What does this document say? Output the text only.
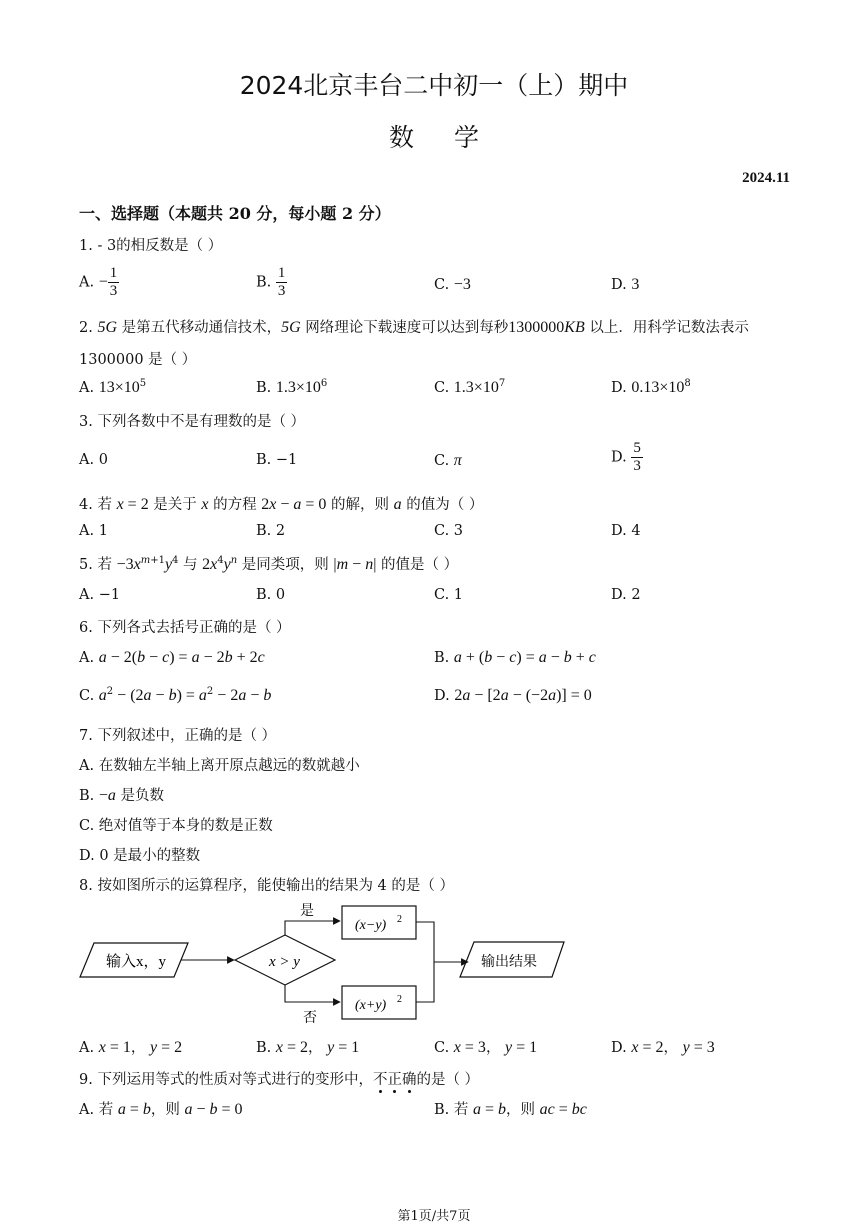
2024北京丰台二中初一（上）期中
数学
2024.11
一、选择题（本题共 20 分，每小题 2 分）
1. - 3的相反数是（ ）
A. − $\frac{1}{3}$	B. $\frac{1}{3}$	C. −3	D. 3
2. 5G 是第五代移动通信技术，5G 网络理论下载速度可以达到每秒1300000KB 以上．用科学记数法表示
1300000 是（ ）
A. $13\times 10^5$	B. $1.3\times 10^6$	C. $1.3\times 10^7$	D. $0.13\times 10^8$
3. 下列各数中不是有理数的是（ ）
A. 0	B. −1	C. π	D. $\frac{5}{3}$
4. 若 x = 2 是关于 x 的方程 2x − a = 0 的解，则 a 的值为（ ）
A. 1	B. 2	C. 3	D. 4
5. 若 $-3x^{m+1}y^4$ 与 $2x^4y^n$ 是同类项，则 |m − n| 的值是（ ）
A. −1	B. 0	C. 1	D. 2
6. 下列各式去括号正确的是（ ）
A. a − 2(b − c) = a − 2b + 2c	B. a + (b − c) = a − b + c
C. $a^2 - (2a - b) = a^2 - 2a - b$	D. 2a − [2a − (−2a)] = 0
7. 下列叙述中，正确的是（ ）
A. 在数轴左半轴上离开原点越远的数就越小
B. −a 是负数
C. 绝对值等于本身的数是正数
D. 0 是最小的整数
8. 按如图所示的运算程序，能使输出的结果为 4 的是（ ）
输入x，y	x > y
是
(x−y) 2
否
(x+y) 2
输出结果
A. x = 1， y = 2	B. x = 2， y = 1	C. x = 3， y = 1	D. x = 2， y = 3
9. 下列运用等式的性质对等式进行的变形中，不正确的是（ ）
A. 若 a = b，则 a − b = 0	B. 若 a = b，则 ac = bc
第1页/共7页
